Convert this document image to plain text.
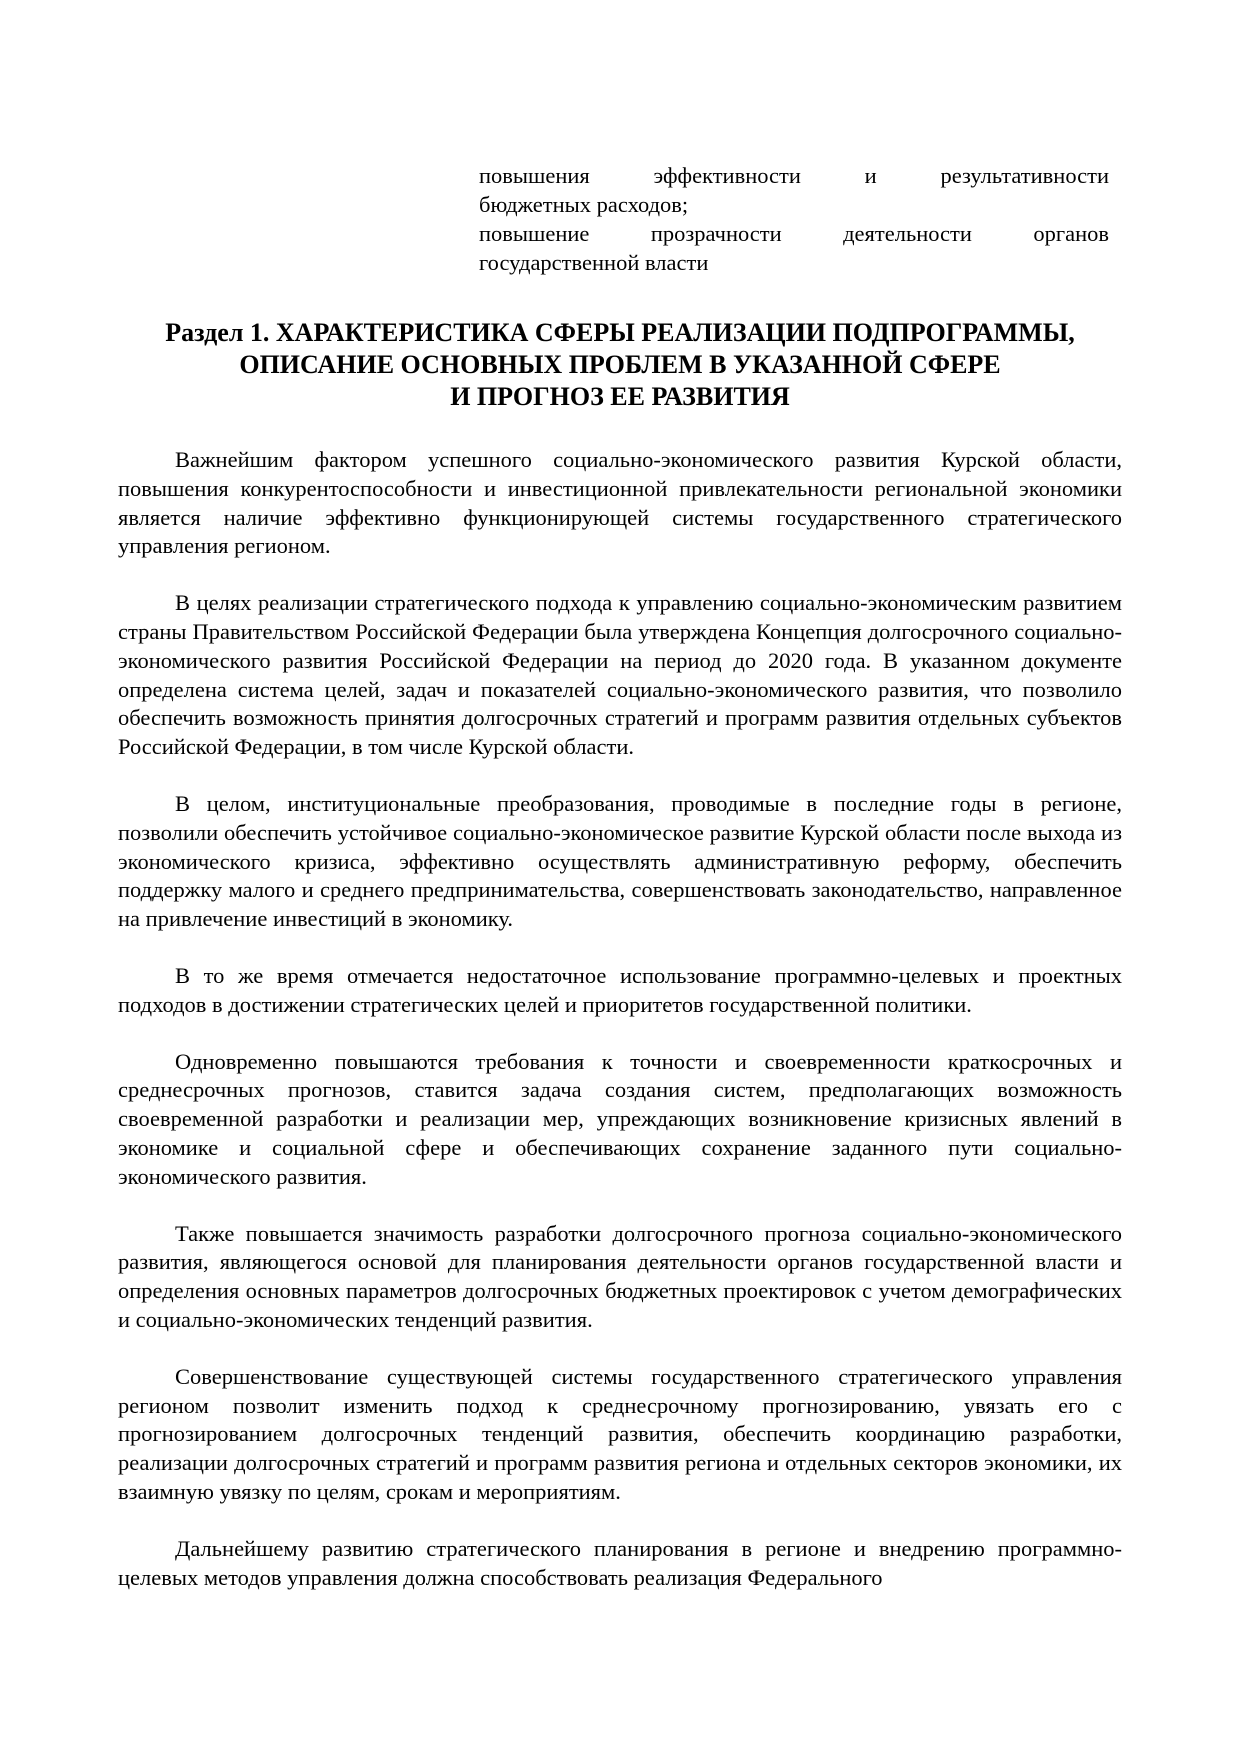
повышения эффективности и результативности
бюджетных расходов;
повышение прозрачности деятельности органов
государственной власти
Раздел 1. ХАРАКТЕРИСТИКА СФЕРЫ РЕАЛИЗАЦИИ ПОДПРОГРАММЫ,
ОПИСАНИЕ ОСНОВНЫХ ПРОБЛЕМ В УКАЗАННОЙ СФЕРЕ
И ПРОГНОЗ ЕЕ РАЗВИТИЯ

Важнейшим фактором успешного социально-экономического развития Курской области, повышения конкурентоспособности и инвестиционной привлекательности региональной экономики является наличие эффективно функционирующей системы государственного стратегического управления регионом.

В целях реализации стратегического подхода к управлению социально-экономическим развитием страны Правительством Российской Федерации была утверждена Концепция долгосрочного социально-экономического развития Российской Федерации на период до 2020 года. В указанном документе определена система целей, задач и показателей социально-экономического развития, что позволило обеспечить возможность принятия долгосрочных стратегий и программ развития отдельных субъектов Российской Федерации, в том числе Курской области.

В целом, институциональные преобразования, проводимые в последние годы в регионе, позволили обеспечить устойчивое социально-экономическое развитие Курской области после выхода из экономического кризиса, эффективно осуществлять административную реформу, обеспечить поддержку малого и среднего предпринимательства, совершенствовать законодательство, направленное на привлечение инвестиций в экономику.

В то же время отмечается недостаточное использование программно-целевых и проектных подходов в достижении стратегических целей и приоритетов государственной политики.

Одновременно повышаются требования к точности и своевременности краткосрочных и среднесрочных прогнозов, ставится задача создания систем, предполагающих возможность своевременной разработки и реализации мер, упреждающих возникновение кризисных явлений в экономике и социальной сфере и обеспечивающих сохранение заданного пути социально-экономического развития.

Также повышается значимость разработки долгосрочного прогноза социально-экономического развития, являющегося основой для планирования деятельности органов государственной власти и определения основных параметров долгосрочных бюджетных проектировок с учетом демографических и социально-экономических тенденций развития.

Совершенствование существующей системы государственного стратегического управления регионом позволит изменить подход к среднесрочному прогнозированию, увязать его с прогнозированием долгосрочных тенденций развития, обеспечить координацию разработки, реализации долгосрочных стратегий и программ развития региона и отдельных секторов экономики, их взаимную увязку по целям, срокам и мероприятиям.

Дальнейшему развитию стратегического планирования в регионе и внедрению программно-целевых методов управления должна способствовать реализация Федерального
